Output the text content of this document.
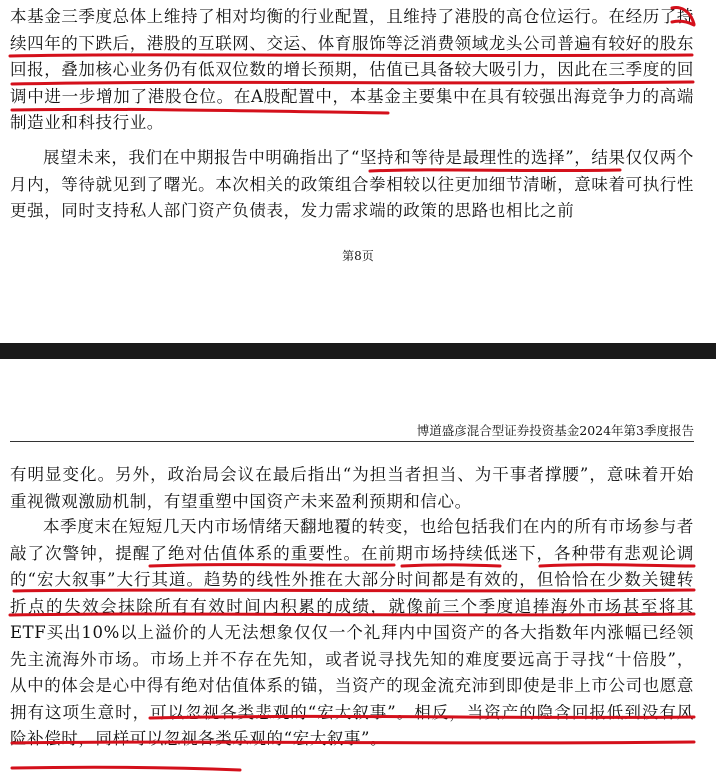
本基金三季度总体上维持了相对均衡的行业配置，且维持了港股的高仓位运行。在经历了持续四年的下跌后，港股的互联网、交运、体育服饰等泛消费领域龙头公司普遍有较好的股东回报，叠加核心业务仍有低双位数的增长预期，估值已具备较大吸引力，因此在三季度的回调中进一步增加了港股仓位。在A股配置中，本基金主要集中在具有较强出海竞争力的高端制造业和科技行业。

展望未来，我们在中期报告中明确指出了“坚持和等待是最理性的选择”，结果仅仅两个月内，等待就见到了曙光。本次相关的政策组合拳相较以往更加细节清晰，意味着可执行性更强，同时支持私人部门资产负债表，发力需求端的政策的思路也相比之前

第8页
博道盛彦混合型证券投资基金2024年第3季度报告

有明显变化。另外，政治局会议在最后指出“为担当者担当、为干事者撑腰”，意味着开始重视微观激励机制，有望重塑中国资产未来盈利预期和信心。

本季度末在短短几天内市场情绪天翻地覆的转变，也给包括我们在内的所有市场参与者敲了次警钟，提醒了绝对估值体系的重要性。在前期市场持续低迷下，各种带有悲观论调的“宏大叙事”大行其道。趋势的线性外推在大部分时间都是有效的，但恰恰在少数关键转折点的失效会抹除所有有效时间内积累的成绩，就像前三个季度追捧海外市场甚至将其ETF买出10%以上溢价的人无法想象仅仅一个礼拜内中国资产的各大指数年内涨幅已经领先主流海外市场。市场上并不存在先知，或者说寻找先知的难度要远高于寻找“十倍股”，从中的体会是心中得有绝对估值体系的锚，当资产的现金流充沛到即使是非上市公司也愿意拥有这项生意时，可以忽视各类悲观的“宏大叙事”。相反，当资产的隐含回报低到没有风险补偿时，同样可以忽视各类乐观的“宏大叙事”。
